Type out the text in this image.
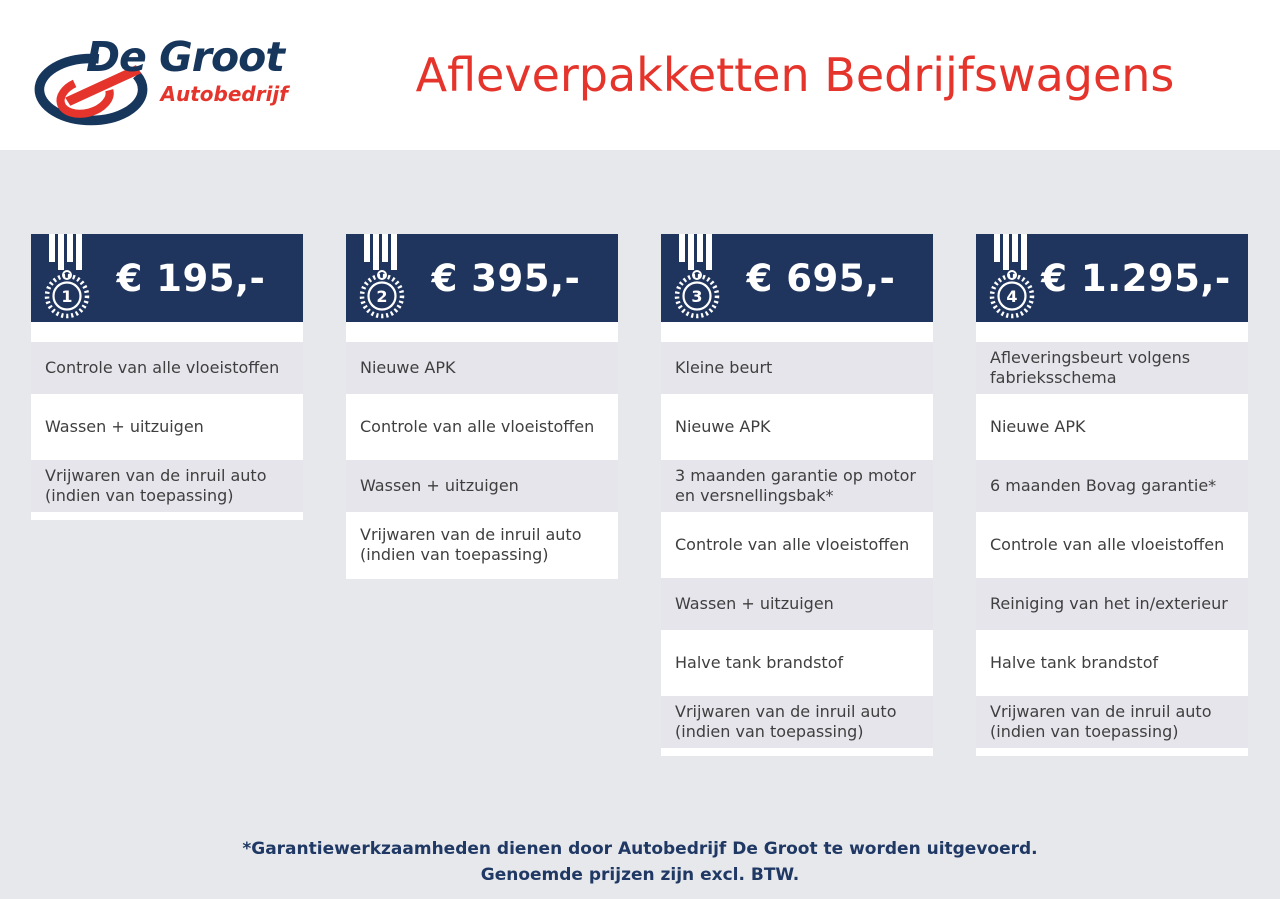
De Groot
Autobedrijf	Afleverpakketten Bedrijfswagens
1	€ 195,-
Controle van alle vloeistoffen
Wassen + uitzuigen
Vrijwaren van de inruil auto (indien van toepassing)
2	€ 395,-
Nieuwe APK
Controle van alle vloeistoffen
Wassen + uitzuigen
Vrijwaren van de inruil auto (indien van toepassing)
3	€ 695,-
Kleine beurt
Nieuwe APK
3 maanden garantie op motor en versnellingsbak*
Controle van alle vloeistoffen
Wassen + uitzuigen
Halve tank brandstof
Vrijwaren van de inruil auto (indien van toepassing)
4 € 1.295,-
Afleveringsbeurt volgens fabrieksschema
Nieuwe APK
6 maanden Bovag garantie*
Controle van alle vloeistoffen
Reiniging van het in/exterieur
Halve tank brandstof
Vrijwaren van de inruil auto (indien van toepassing)

*Garantiewerkzaamheden dienen door Autobedrijf De Groot te worden uitgevoerd.

Genoemde prijzen zijn excl. BTW.
